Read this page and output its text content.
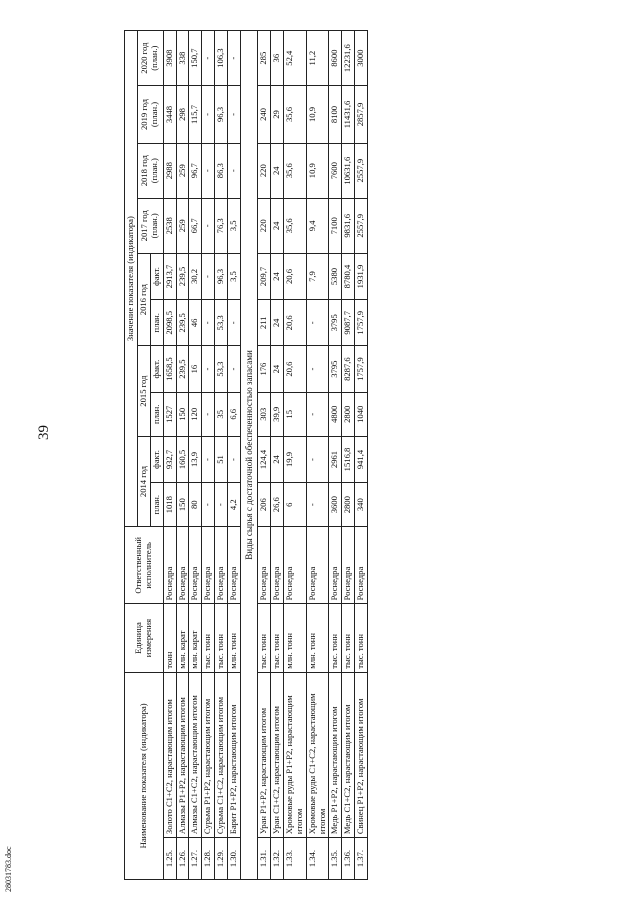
39
28031783.doc
Наименование показателя (индикатора)		Единица измерения	Ответственный исполнитель	Значение показателя (индикатора)									
				2014 год		2015 год		2016 год		2017 год (план.)	2018 год (план.)	2019 год (план.)	2020 год (план.)
				план.	факт.	план.	факт.	план.	факт.				
1.25.	Золото С1+С2, нарастающим итогом	тонн	Роснедра	1018	932,7	1527	1658,5	2098,5	2913,7	2538	2988	3448	3908
1.26.	Алмазы Р1+Р2, нарастающим итогом	млн. карат	Роснедра	150	160,5	150	239,5	239,5	239,5	259	259	298	338
1.27.	Алмазы С1+С2, нарастающим итогом	млн. карат	Роснедра	80	13,9	120	16	46	30,2	66,7	96,7	115,7	150,7
1.28.	Сурьма Р1+Р2, нарастающим итогом	тыс. тонн	Роснедра	-	-	-	-	-	-	-	-	-	-
1.29.	Сурьма С1+С2, нарастающим итогом	тыс. тонн	Роснедра	-	51	35	53,3	53,3	96,3	76,3	86,3	96,3	106,3
1.30.	Барит Р1+Р2, нарастающим итогом	млн. тонн	Роснедра	4,2	-	6,6	-	-	3,5	3,5	-	-	-
Виды сырья с достаточной обеспеченностью запасами													
1.31.	Уран Р1+Р2, нарастающим итогом	тыс. тонн	Роснедра	206	124,4	303	176	211	209,7	220	220	240	285
1.32.	Уран С1+С2, нарастающим итогом	тыс. тонн	Роснедра	26,6	24	39,9	24	24	24	24	24	29	36
1.33.	Хромовые руды Р1+Р2, нарастающим итогом	млн. тонн	Роснедра	6	19,9	15	20,6	20,6	20,6	35,6	35,6	35,6	52,4
1.34.	Хромовые руды С1+С2, нарастающим итогом	млн. тонн	Роснедра	-	-	-	-	-	7,9	9,4	10,9	10,9	11,2
1.35.	Медь Р1+Р2, нарастающим итогом	тыс. тонн	Роснедра	3600	2961	4800	3795	3795	5380	7100	7600	8100	8600
1.36.	Медь С1+С2, нарастающим итогом	тыс. тонн	Роснедра	2800	1516,8	2800	8287,6	9087,7	8780,4	9831,6	10631,6	11431,6	12231,6
1.37.	Свинец Р1+Р2, нарастающим итогом	тыс. тонн	Роснедра	340	941,4	1040	1757,9	1757,9	1931,9	2557,9	2557,9	2857,9	3000
